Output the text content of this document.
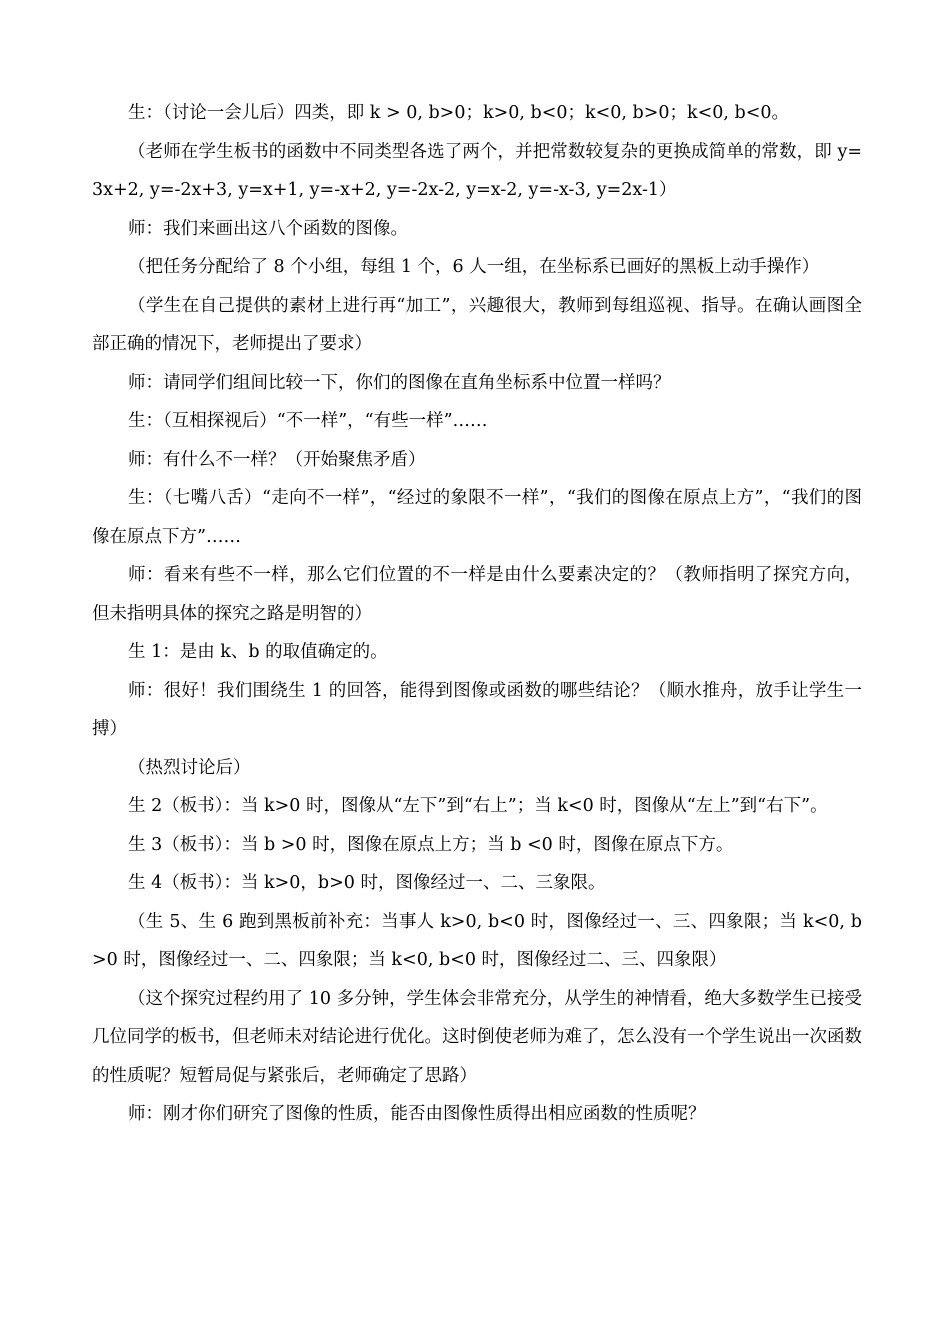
生：（讨论一会儿后）四类，即 k > 0, b>0；k>0, b<0；k<0, b>0；k<0, b<0。

（老师在学生板书的函数中不同类型各选了两个，并把常数较复杂的更换成简单的常数，即 y=3x+2, y=-2x+3, y=x+1, y=-x+2, y=-2x-2, y=x-2, y=-x-3, y=2x-1）

师：我们来画出这八个函数的图像。

（把任务分配给了 8 个小组，每组 1 个，6 人一组，在坐标系已画好的黑板上动手操作）

（学生在自己提供的素材上进行再“加工”，兴趣很大，教师到每组巡视、指导。在确认画图全部正确的情况下，老师提出了要求）

师：请同学们组间比较一下，你们的图像在直角坐标系中位置一样吗？

生：（互相探视后）“不一样”，“有些一样”……

师：有什么不一样？（开始聚焦矛盾）

生：（七嘴八舌）“走向不一样”，“经过的象限不一样”，“我们的图像在原点上方”，“我们的图像在原点下方”……

师：看来有些不一样，那么它们位置的不一样是由什么要素决定的？（教师指明了探究方向，但未指明具体的探究之路是明智的）

生 1：是由 k、b 的取值确定的。

师：很好！我们围绕生 1 的回答，能得到图像或函数的哪些结论？（顺水推舟，放手让学生一搏）

（热烈讨论后）

生 2（板书）：当 k>0 时，图像从“左下”到“右上”；当 k<0 时，图像从“左上”到“右下”。

生 3（板书）：当 b >0 时，图像在原点上方；当 b <0 时，图像在原点下方。

生 4（板书）：当 k>0，b>0 时，图像经过一、二、三象限。

（生 5、生 6 跑到黑板前补充：当事人 k>0, b<0 时，图像经过一、三、四象限；当 k<0, b>0 时，图像经过一、二、四象限；当 k<0, b<0 时，图像经过二、三、四象限）

（这个探究过程约用了 10 多分钟，学生体会非常充分，从学生的神情看，绝大多数学生已接受几位同学的板书，但老师未对结论进行优化。这时倒使老师为难了，怎么没有一个学生说出一次函数的性质呢？短暂局促与紧张后，老师确定了思路）

师：刚才你们研究了图像的性质，能否由图像性质得出相应函数的性质呢？
